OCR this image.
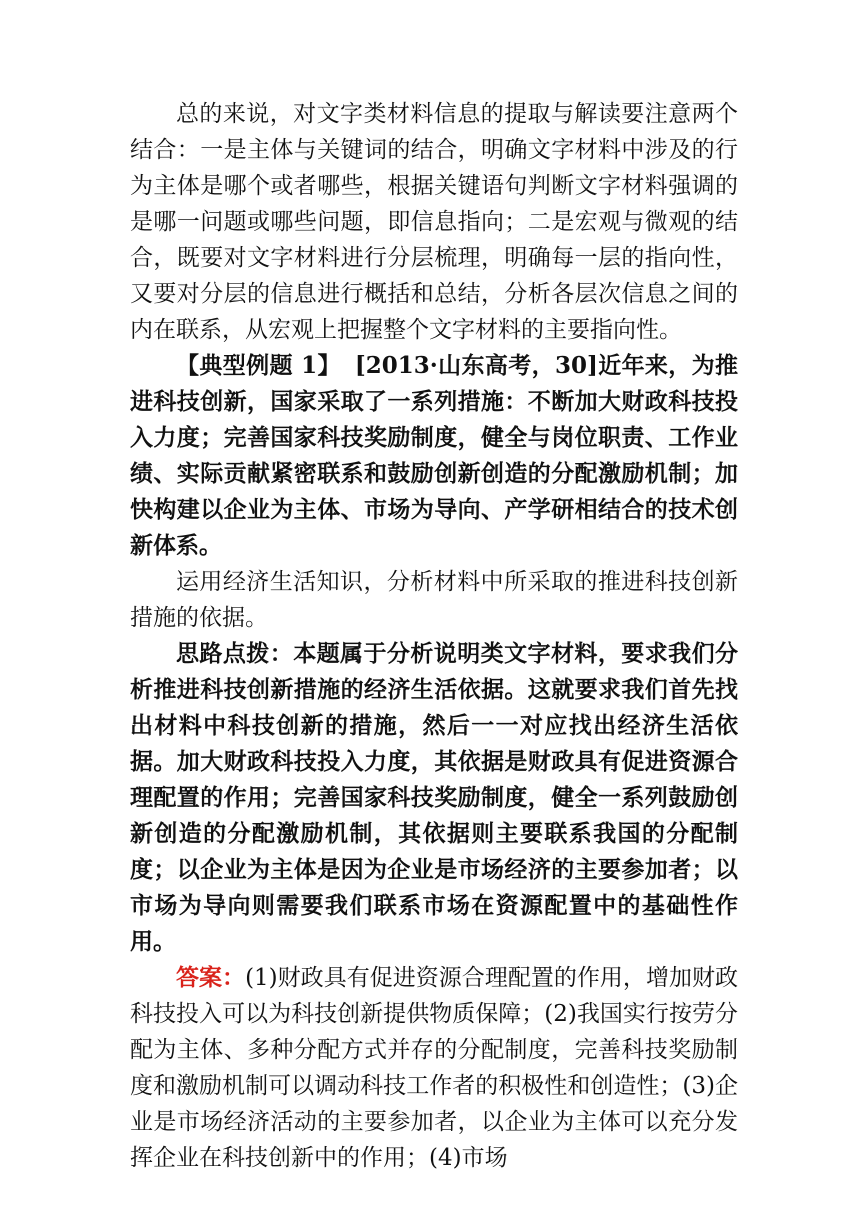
总的来说，对文字类材料信息的提取与解读要注意两个结合：一是主体与关键词的结合，明确文字材料中涉及的行为主体是哪个或者哪些，根据关键语句判断文字材料强调的是哪一问题或哪些问题，即信息指向；二是宏观与微观的结合，既要对文字材料进行分层梳理，明确每一层的指向性，又要对分层的信息进行概括和总结，分析各层次信息之间的内在联系，从宏观上把握整个文字材料的主要指向性。

【典型例题 1】 [2013·山东高考，30]近年来，为推进科技创新，国家采取了一系列措施：不断加大财政科技投入力度；完善国家科技奖励制度，健全与岗位职责、工作业绩、实际贡献紧密联系和鼓励创新创造的分配激励机制；加快构建以企业为主体、市场为导向、产学研相结合的技术创新体系。

运用经济生活知识，分析材料中所采取的推进科技创新措施的依据。

思路点拨：本题属于分析说明类文字材料，要求我们分析推进科技创新措施的经济生活依据。这就要求我们首先找出材料中科技创新的措施，然后一一对应找出经济生活依据。加大财政科技投入力度，其依据是财政具有促进资源合理配置的作用；完善国家科技奖励制度，健全一系列鼓励创新创造的分配激励机制，其依据则主要联系我国的分配制度；以企业为主体是因为企业是市场经济的主要参加者；以市场为导向则需要我们联系市场在资源配置中的基础性作用。

答案：(1)财政具有促进资源合理配置的作用，增加财政科技投入可以为科技创新提供物质保障；(2)我国实行按劳分配为主体、多种分配方式并存的分配制度，完善科技奖励制度和激励机制可以调动科技工作者的积极性和创造性；(3)企业是市场经济活动的主要参加者，以企业为主体可以充分发挥企业在科技创新中的作用；(4)市场
